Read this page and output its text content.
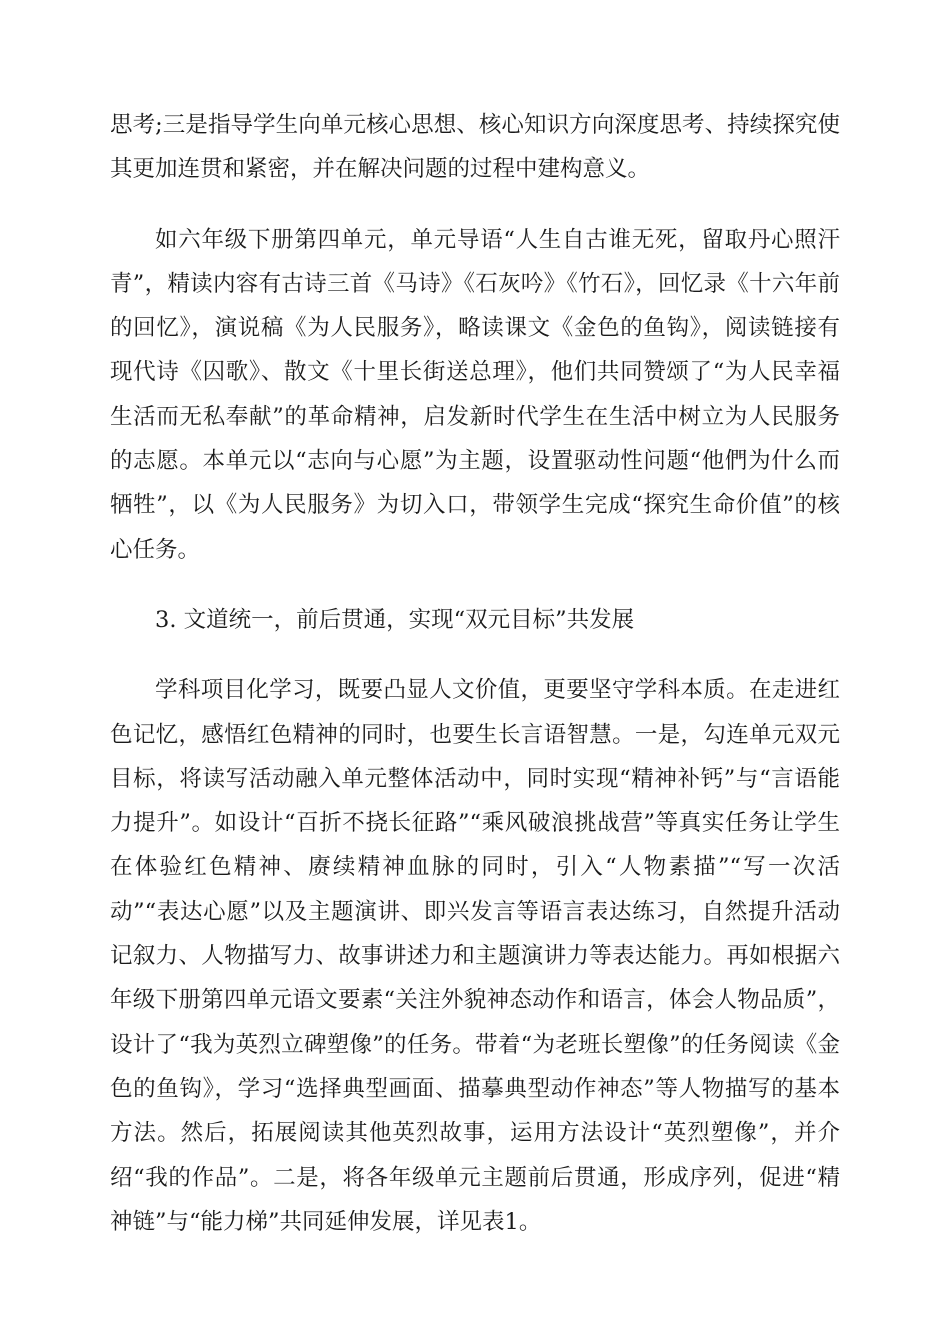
思考;三是指导学生向单元核心思想、核心知识方向深度思考、持续探究使其更加连贯和紧密，并在解决问题的过程中建构意义。

如六年级下册第四单元，单元导语“人生自古谁无死，留取丹心照汗青”，精读内容有古诗三首《马诗》《石灰吟》《竹石》，回忆录《十六年前的回忆》，演说稿《为人民服务》，略读课文《金色的鱼钩》，阅读链接有现代诗《囚歌》、散文《十里长街送总理》，他们共同赞颂了“为人民幸福生活而无私奉献”的革命精神，启发新时代学生在生活中树立为人民服务的志愿。本单元以“志向与心愿”为主题，设置驱动性问题“他們为什么而牺牲”，以《为人民服务》为切入口，带领学生完成“探究生命价值”的核心任务。

3. 文道统一，前后贯通，实现“双元目标”共发展

学科项目化学习，既要凸显人文价值，更要坚守学科本质。在走进红色记忆，感悟红色精神的同时，也要生长言语智慧。一是，勾连单元双元目标，将读写活动融入单元整体活动中，同时实现“精神补钙”与“言语能力提升”。如设计“百折不挠长征路”“乘风破浪挑战营”等真实任务让学生在体验红色精神、赓续精神血脉的同时，引入“人物素描”“写一次活动”“表达心愿”以及主题演讲、即兴发言等语言表达练习，自然提升活动记叙力、人物描写力、故事讲述力和主题演讲力等表达能力。再如根据六年级下册第四单元语文要素“关注外貌神态动作和语言，体会人物品质”，设计了“我为英烈立碑塑像”的任务。带着“为老班长塑像”的任务阅读《金色的鱼钩》，学习“选择典型画面、描摹典型动作神态”等人物描写的基本方法。然后，拓展阅读其他英烈故事，运用方法设计“英烈塑像”，并介绍“我的作品”。二是，将各年级单元主题前后贯通，形成序列，促进“精神链”与“能力梯”共同延伸发展，详见表1。
